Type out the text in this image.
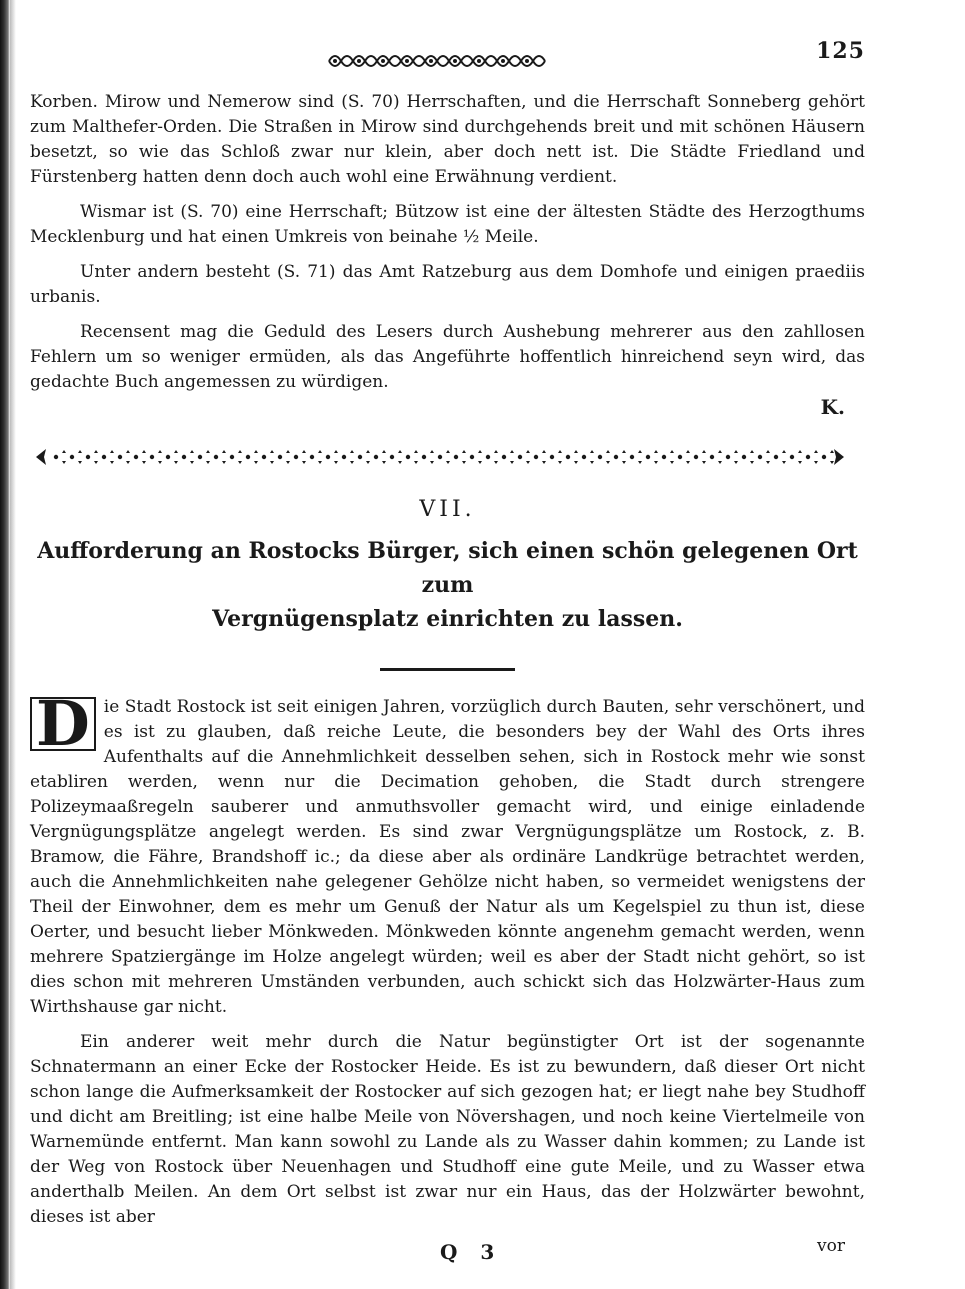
125

Korben. Mirow und Nemerow sind (S. 70) Herrschaften, und die Herrschaft Sonneberg gehört zum Malthefer-Orden. Die Straßen in Mirow sind durchgehends breit und mit schönen Häusern besetzt, so wie das Schloß zwar nur klein, aber doch nett ist. Die Städte Friedland und Fürstenberg hatten denn doch auch wohl eine Erwähnung verdient.

Wismar ist (S. 70) eine Herrschaft; Bützow ist eine der ältesten Städte des Herzogthums Mecklenburg und hat einen Umkreis von beinahe ½ Meile.

Unter andern besteht (S. 71) das Amt Ratzeburg aus dem Domhofe und einigen praediis urbanis.

Recensent mag die Geduld des Lesers durch Aushebung mehrerer aus den zahllosen Fehlern um so weniger ermüden, als das Angeführte hoffentlich hinreichend seyn wird, das gedachte Buch angemessen zu würdigen.

K.

VII.
Aufforderung an Rostocks Bürger, sich einen schön gelegenen Ort zum
Vergnügensplatz einrichten zu lassen.

D ie Stadt Rostock ist seit einigen Jahren, vorzüglich durch Bauten, sehr verschönert, und es ist zu glauben, daß reiche Leute, die besonders bey der Wahl des Orts ihres Aufenthalts auf die Annehmlichkeit desselben sehen, sich in Rostock mehr wie sonst etabliren werden, wenn nur die Decimation gehoben, die Stadt durch strengere Polizeymaaßregeln sauberer und anmuthsvoller gemacht wird, und einige einladende Vergnügungsplätze angelegt werden. Es sind zwar Vergnügungsplätze um Rostock, z. B. Bramow, die Fähre, Brandshoff ic.; da diese aber als ordinäre Landkrüge betrachtet werden, auch die Annehmlichkeiten nahe gelegener Gehölze nicht haben, so vermeidet wenigstens der Theil der Einwohner, dem es mehr um Genuß der Natur als um Kegelspiel zu thun ist, diese Oerter, und besucht lieber Mönkweden. Mönkweden könnte angenehm gemacht werden, wenn mehrere Spatziergänge im Holze angelegt würden; weil es aber der Stadt nicht gehört, so ist dies schon mit mehreren Umständen verbunden, auch schickt sich das Holzwärter-Haus zum Wirthshause gar nicht.

Ein anderer weit mehr durch die Natur begünstigter Ort ist der sogenannte Schnatermann an einer Ecke der Rostocker Heide. Es ist zu bewundern, daß dieser Ort nicht schon lange die Aufmerksamkeit der Rostocker auf sich gezogen hat; er liegt nahe bey Studhoff und dicht am Breitling; ist eine halbe Meile von Növershagen, und noch keine Viertelmeile von Warnemünde entfernt. Man kann sowohl zu Lande als zu Wasser dahin kommen; zu Lande ist der Weg von Rostock über Neuenhagen und Studhoff eine gute Meile, und zu Wasser etwa anderthalb Meilen. An dem Ort selbst ist zwar nur ein Haus, das der Holzwärter bewohnt, dieses ist aber

Q 3	vor
